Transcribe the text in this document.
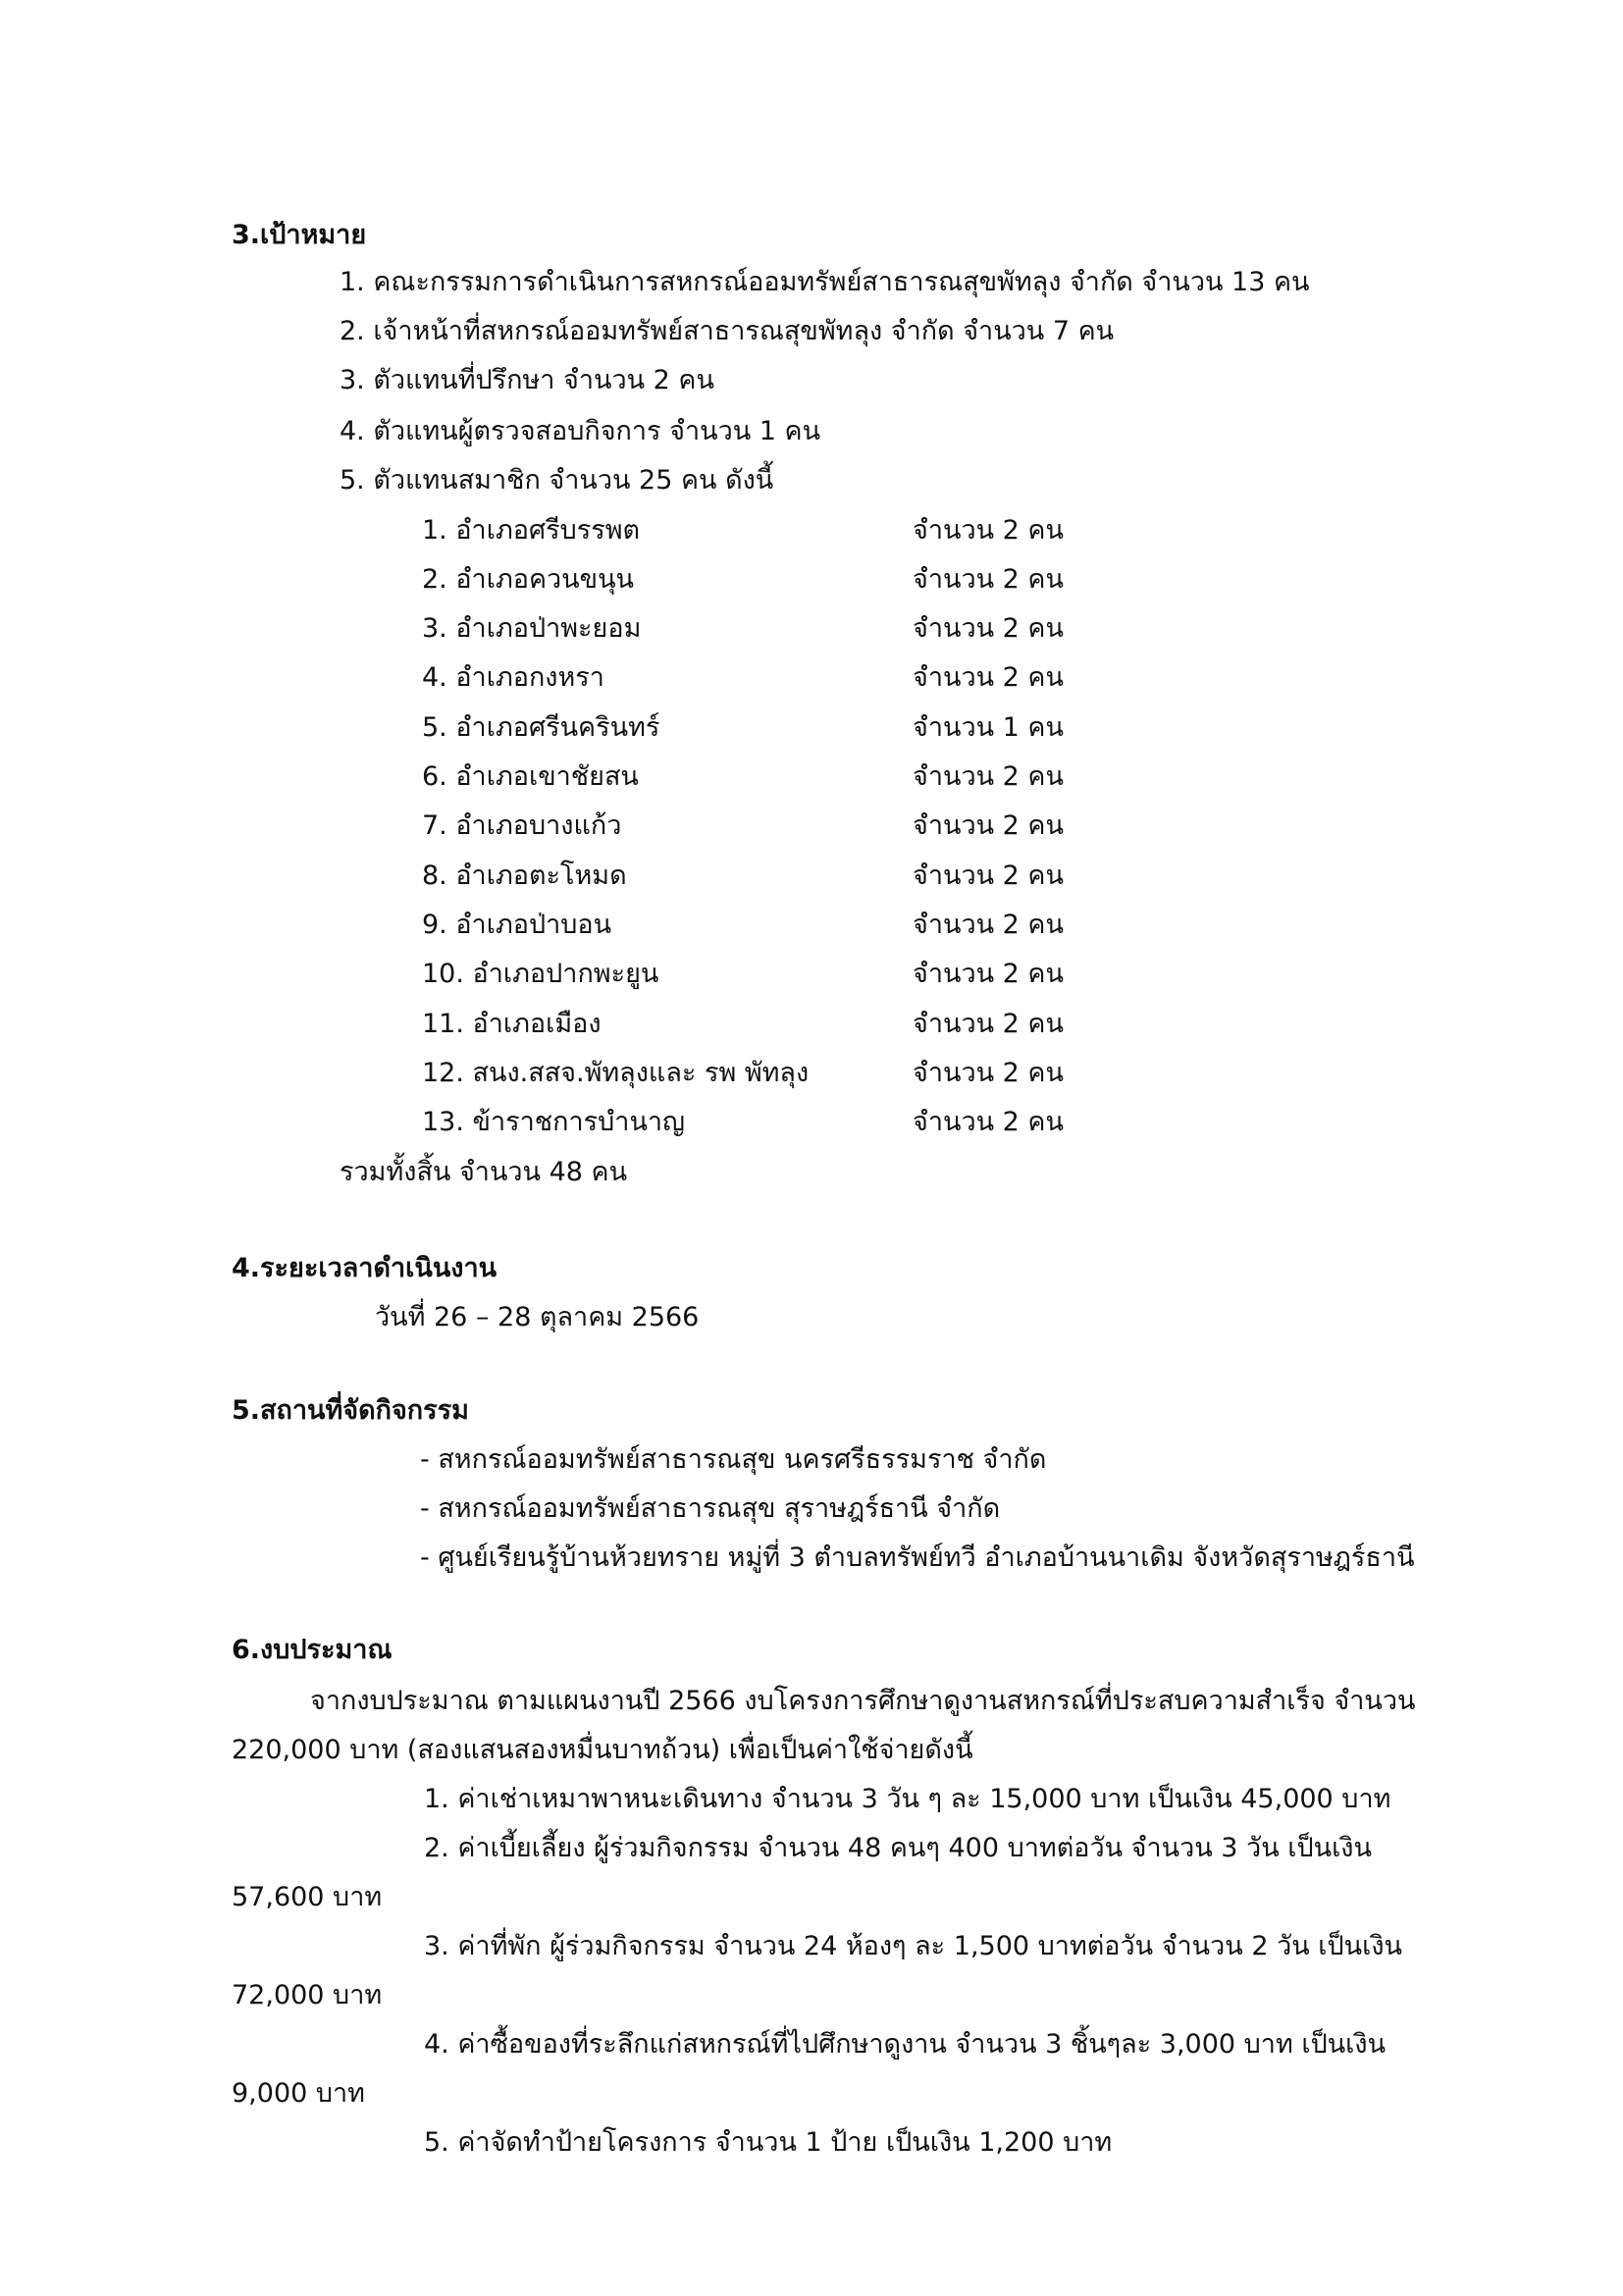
3.เป้าหมาย
1. คณะกรรมการดำเนินการสหกรณ์ออมทรัพย์สาธารณสุขพัทลุง จำกัด จำนวน 13 คน
2. เจ้าหน้าที่สหกรณ์ออมทรัพย์สาธารณสุขพัทลุง จำกัด จำนวน 7 คน
3. ตัวแทนที่ปรึกษา จำนวน 2 คน
4. ตัวแทนผู้ตรวจสอบกิจการ จำนวน 1 คน
5. ตัวแทนสมาชิก จำนวน 25 คน ดังนี้
1. อำเภอศรีบรรพต	จำนวน 2 คน
2. อำเภอควนขนุน	จำนวน 2 คน
3. อำเภอป่าพะยอม	จำนวน 2 คน
4. อำเภอกงหรา	จำนวน 2 คน
5. อำเภอศรีนครินทร์	จำนวน 1 คน
6. อำเภอเขาชัยสน	จำนวน 2 คน
7. อำเภอบางแก้ว	จำนวน 2 คน
8. อำเภอตะโหมด	จำนวน 2 คน
9. อำเภอป่าบอน	จำนวน 2 คน
10. อำเภอปากพะยูน	จำนวน 2 คน
11. อำเภอเมือง	จำนวน 2 คน
12. สนง.สสจ.พัทลุงและ รพ พัทลุง	จำนวน 2 คน
13. ข้าราชการบำนาญ	จำนวน 2 คน
รวมทั้งสิ้น จำนวน 48 คน
4.ระยะเวลาดำเนินงาน
วันที่ 26 – 28 ตุลาคม 2566
5.สถานที่จัดกิจกรรม
- สหกรณ์ออมทรัพย์สาธารณสุข นครศรีธรรมราช จำกัด
- สหกรณ์ออมทรัพย์สาธารณสุข สุราษฎร์ธานี จำกัด
- ศูนย์เรียนรู้บ้านห้วยทราย หมู่ที่ 3 ตำบลทรัพย์ทวี อำเภอบ้านนาเดิม จังหวัดสุราษฎร์ธานี
6.งบประมาณ
จากงบประมาณ ตามแผนงานปี 2566 งบโครงการศึกษาดูงานสหกรณ์ที่ประสบความสำเร็จ จำนวน
220,000 บาท (สองแสนสองหมื่นบาทถ้วน) เพื่อเป็นค่าใช้จ่ายดังนี้
1. ค่าเช่าเหมาพาหนะเดินทาง จำนวน 3 วัน ๆ ละ 15,000 บาท เป็นเงิน 45,000 บาท
2. ค่าเบี้ยเลี้ยง ผู้ร่วมกิจกรรม จำนวน 48 คนๆ 400 บาทต่อวัน จำนวน 3 วัน เป็นเงิน
57,600 บาท
3. ค่าที่พัก ผู้ร่วมกิจกรรม จำนวน 24 ห้องๆ ละ 1,500 บาทต่อวัน จำนวน 2 วัน เป็นเงิน
72,000 บาท
4. ค่าซื้อของที่ระลึกแก่สหกรณ์ที่ไปศึกษาดูงาน จำนวน 3 ชิ้นๆละ 3,000 บาท เป็นเงิน
9,000 บาท
5. ค่าจัดทำป้ายโครงการ จำนวน 1 ป้าย เป็นเงิน 1,200 บาท
